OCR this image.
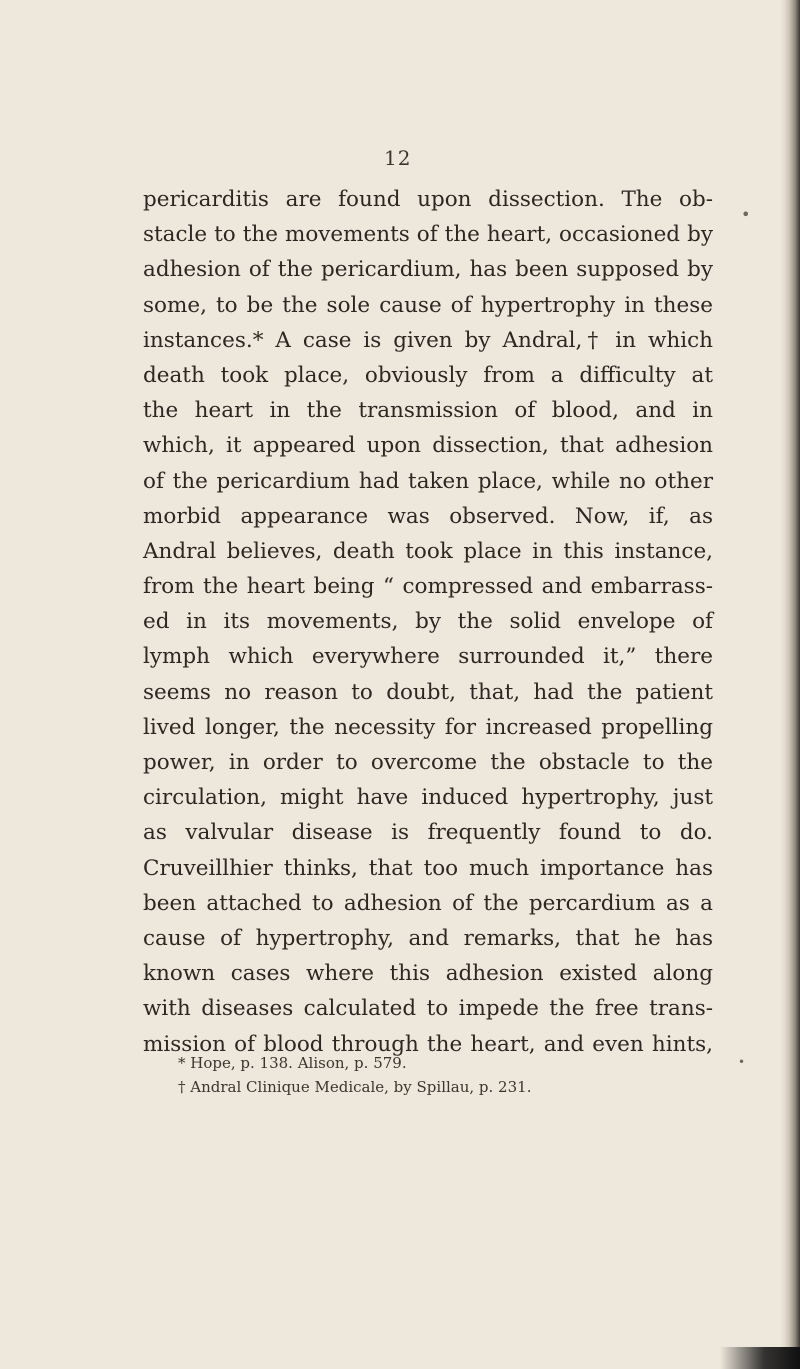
12
pericarditis are found upon dissection. The ob-
stacle to the movements of the heart, occasioned by
adhesion of the pericardium, has been supposed by
some, to be the sole cause of hypertrophy in these
instances.* A case is given by Andral,† in which
death took place, obviously from a difficulty at
the heart in the transmission of blood, and in
which, it appeared upon dissection, that adhesion
of the pericardium had taken place, while no other
morbid appearance was observed. Now, if, as
Andral believes, death took place in this instance,
from the heart being “ compressed and embarrass-
ed in its movements, by the solid envelope of
lymph which everywhere surrounded it,” there
seems no reason to doubt, that, had the patient
lived longer, the necessity for increased propelling
power, in order to overcome the obstacle to the
circulation, might have induced hypertrophy, just
as valvular disease is frequently found to do.
Cruveillhier thinks, that too much importance has
been attached to adhesion of the percardium as a
cause of hypertrophy, and remarks, that he has
known cases where this adhesion existed along
with diseases calculated to impede the free trans-
mission of blood through the heart, and even hints,
* Hope, p. 138. Alison, p. 579.
† Andral Clinique Medicale, by Spillau, p. 231.
•
•
